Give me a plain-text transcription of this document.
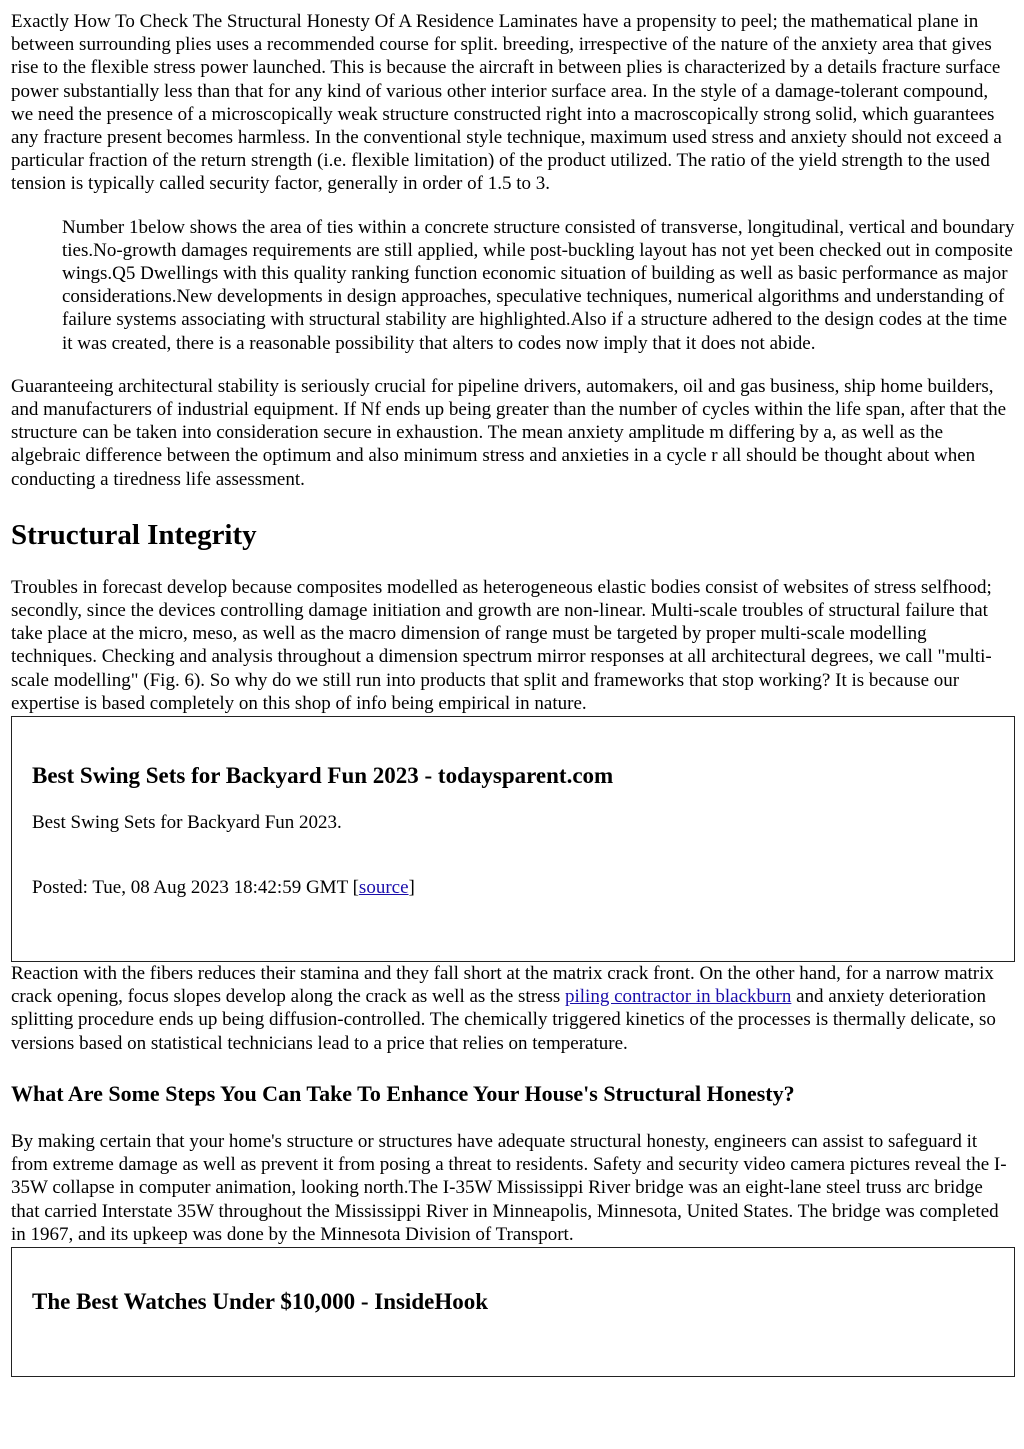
Exactly How To Check The Structural Honesty Of A Residence Laminates have a propensity to peel; the mathematical plane in between surrounding plies uses a recommended course for split. breeding, irrespective of the nature of the anxiety area that gives rise to the flexible stress power launched. This is because the aircraft in between plies is characterized by a details fracture surface power substantially less than that for any kind of various other interior surface area. In the style of a damage-tolerant compound, we need the presence of a microscopically weak structure constructed right into a macroscopically strong solid, which guarantees any fracture present becomes harmless. In the conventional style technique, maximum used stress and anxiety should not exceed a particular fraction of the return strength (i.e. flexible limitation) of the product utilized. The ratio of the yield strength to the used tension is typically called security factor, generally in order of 1.5 to 3.

Number 1below shows the area of ties within a concrete structure consisted of transverse, longitudinal, vertical and boundary ties.No-growth damages requirements are still applied, while post-buckling layout has not yet been checked out in composite wings.Q5 Dwellings with this quality ranking function economic situation of building as well as basic performance as major considerations.New developments in design approaches, speculative techniques, numerical algorithms and understanding of failure systems associating with structural stability are highlighted.Also if a structure adhered to the design codes at the time it was created, there is a reasonable possibility that alters to codes now imply that it does not abide.

Guaranteeing architectural stability is seriously crucial for pipeline drivers, automakers, oil and gas business, ship home builders, and manufacturers of industrial equipment. If Nf ends up being greater than the number of cycles within the life span, after that the structure can be taken into consideration secure in exhaustion. The mean anxiety amplitude m differing by a, as well as the algebraic difference between the optimum and also minimum stress and anxieties in a cycle r all should be thought about when conducting a tiredness life assessment.

Structural Integrity

Troubles in forecast develop because composites modelled as heterogeneous elastic bodies consist of websites of stress selfhood; secondly, since the devices controlling damage initiation and growth are non-linear. Multi-scale troubles of structural failure that take place at the micro, meso, as well as the macro dimension of range must be targeted by proper multi-scale modelling techniques. Checking and analysis throughout a dimension spectrum mirror responses at all architectural degrees, we call "multi-scale modelling" (Fig. 6). So why do we still run into products that split and frameworks that stop working? It is because our expertise is based completely on this shop of info being empirical in nature.

Best Swing Sets for Backyard Fun 2023 - todaysparent.com

Best Swing Sets for Backyard Fun 2023.

Posted: Tue, 08 Aug 2023 18:42:59 GMT [source]

Reaction with the fibers reduces their stamina and they fall short at the matrix crack front. On the other hand, for a narrow matrix crack opening, focus slopes develop along the crack as well as the stress piling contractor in blackburn and anxiety deterioration splitting procedure ends up being diffusion-controlled. The chemically triggered kinetics of the processes is thermally delicate, so versions based on statistical technicians lead to a price that relies on temperature.

What Are Some Steps You Can Take To Enhance Your House's Structural Honesty?

By making certain that your home's structure or structures have adequate structural honesty, engineers can assist to safeguard it from extreme damage as well as prevent it from posing a threat to residents. Safety and security video camera pictures reveal the I-35W collapse in computer animation, looking north.The I-35W Mississippi River bridge was an eight-lane steel truss arc bridge that carried Interstate 35W throughout the Mississippi River in Minneapolis, Minnesota, United States. The bridge was completed in 1967, and its upkeep was done by the Minnesota Division of Transport.

The Best Watches Under $10,000 - InsideHook
